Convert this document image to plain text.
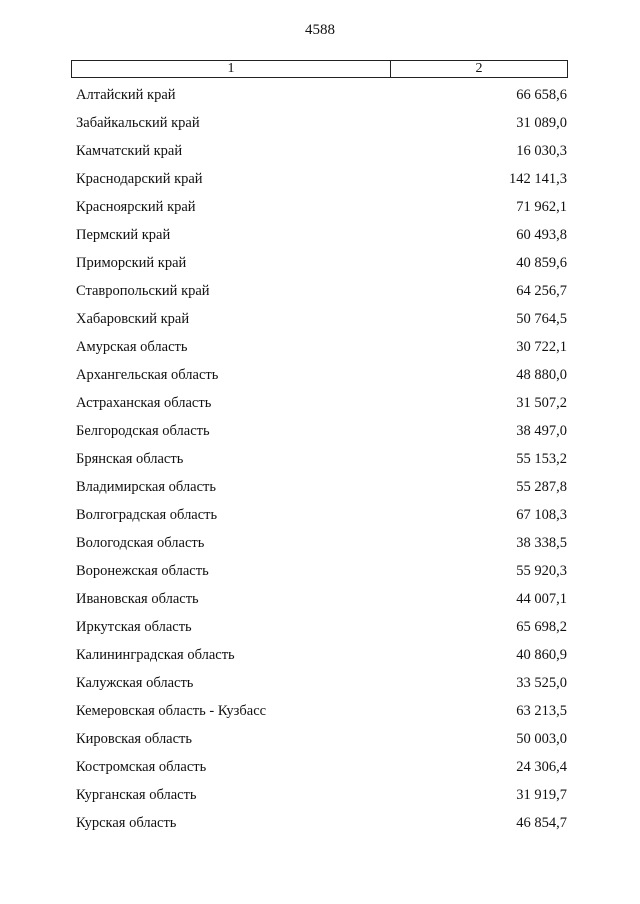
4588
1	2
Алтайский край	66 658,6
Забайкальский край	31 089,0
Камчатский край	16 030,3
Краснодарский край	142 141,3
Красноярский край	71 962,1
Пермский край	60 493,8
Приморский край	40 859,6
Ставропольский край	64 256,7
Хабаровский край	50 764,5
Амурская область	30 722,1
Архангельская область	48 880,0
Астраханская область	31 507,2
Белгородская область	38 497,0
Брянская область	55 153,2
Владимирская область	55 287,8
Волгоградская область	67 108,3
Вологодская область	38 338,5
Воронежская область	55 920,3
Ивановская область	44 007,1
Иркутская область	65 698,2
Калининградская область	40 860,9
Калужская область	33 525,0
Кемеровская область - Кузбасс	63 213,5
Кировская область	50 003,0
Костромская область	24 306,4
Курганская область	31 919,7
Курская область	46 854,7
